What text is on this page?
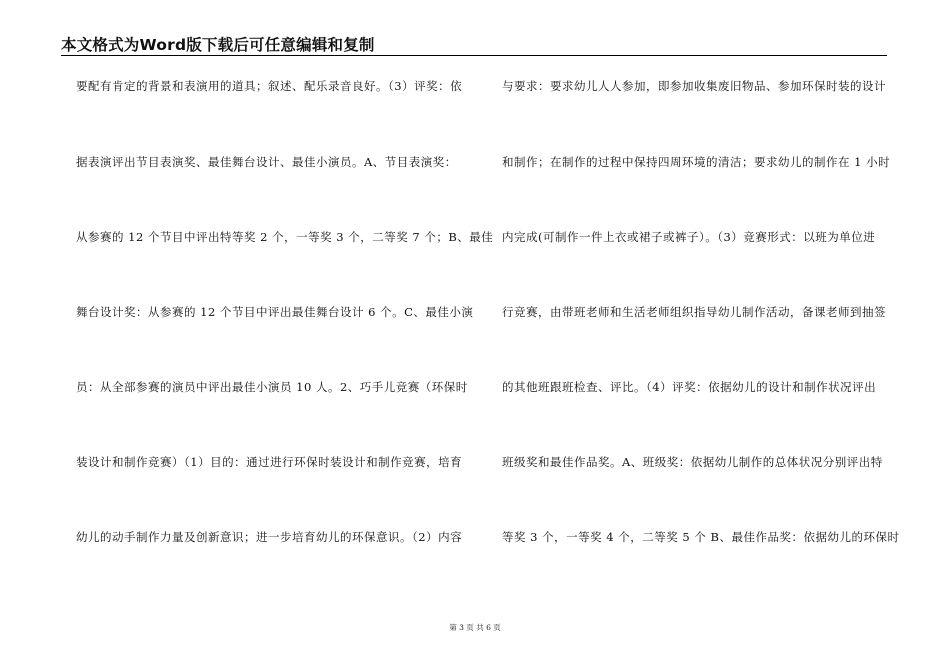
本文格式为Word版下载后可任意编辑和复制
要配有肯定的背景和表演用的道具；叙述、配乐录音良好。（3）评奖：依
据表演评出节目表演奖、最佳舞台设计、最佳小演员。A、节目表演奖：
从参赛的 12 个节目中评出特等奖 2 个，一等奖 3 个，二等奖 7 个；B、最佳
舞台设计奖：从参赛的 12 个节目中评出最佳舞台设计 6 个。C、最佳小演
员：从全部参赛的演员中评出最佳小演员 10 人。2、巧手儿竞赛（环保时
装设计和制作竞赛）（1）目的：通过进行环保时装设计和制作竞赛，培育
幼儿的动手制作力量及创新意识；进一步培育幼儿的环保意识。（2）内容
与要求：要求幼儿人人参加，即参加收集废旧物品、参加环保时装的设计
和制作；在制作的过程中保持四周环境的清洁；要求幼儿的制作在 1 小时
内完成(可制作一件上衣或裙子或裤子）。（3）竞赛形式：以班为单位进
行竞赛，由带班老师和生活老师组织指导幼儿制作活动，备课老师到抽签
的其他班跟班检查、评比。（4）评奖：依据幼儿的设计和制作状况评出
班级奖和最佳作品奖。A、班级奖：依据幼儿制作的总体状况分别评出特
等奖 3 个，一等奖 4 个，二等奖 5 个 B、最佳作品奖：依据幼儿的环保时
第 3 页 共 6 页
